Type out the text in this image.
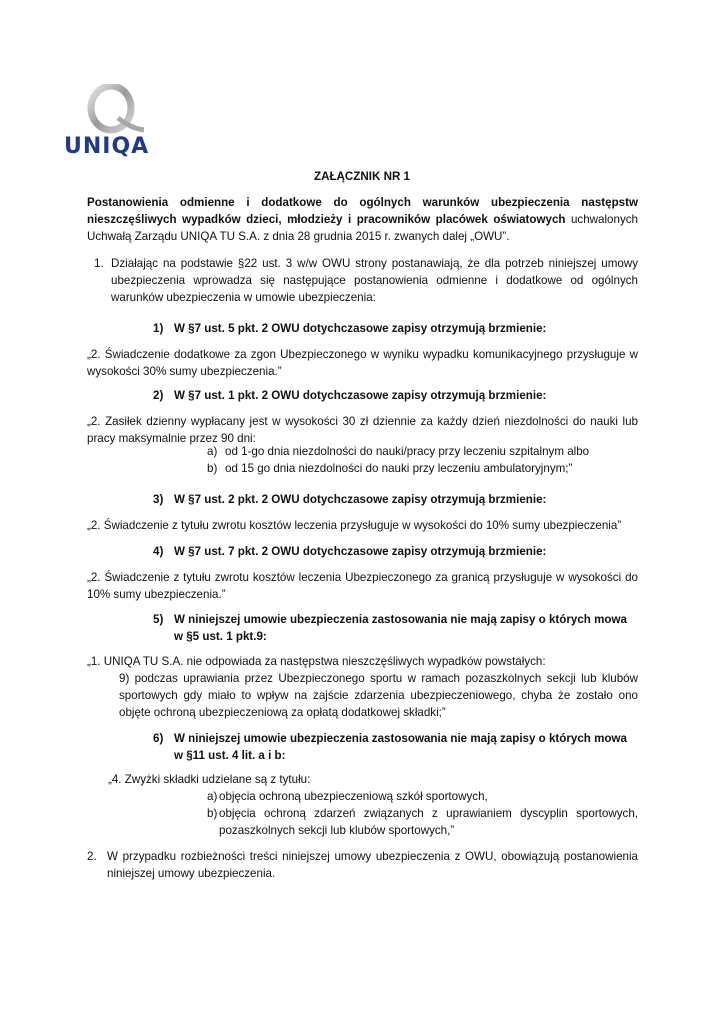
UNIQA
ZAŁĄCZNIK NR 1
Postanowienia odmienne i dodatkowe do ogólnych warunków ubezpieczenia następstw nieszczęśliwych wypadków dzieci, młodzieży i pracowników placówek oświatowych uchwalonych Uchwałą Zarządu UNIQA TU S.A. z dnia 28 grudnia 2015 r. zwanych dalej „OWU”.
1. Działając na podstawie §22 ust. 3 w/w OWU strony postanawiają, że dla potrzeb niniejszej umowy ubezpieczenia wprowadza się następujące postanowienia odmienne i dodatkowe od ogólnych warunków ubezpieczenia w umowie ubezpieczenia:
1) W §7 ust. 5 pkt. 2 OWU dotychczasowe zapisy otrzymują brzmienie:
„2. Świadczenie dodatkowe za zgon Ubezpieczonego w wyniku wypadku komunikacyjnego przysługuje w wysokości 30% sumy ubezpieczenia.”
2) W §7 ust. 1 pkt. 2 OWU dotychczasowe zapisy otrzymują brzmienie:
„2. Zasiłek dzienny wypłacany jest w wysokości 30 zł dziennie za każdy dzień niezdolności do nauki lub pracy maksymalnie przez 90 dni:
a) od 1-go dnia niezdolności do nauki/pracy przy leczeniu szpitalnym albo
b) od 15 go dnia niezdolności do nauki przy leczeniu ambulatoryjnym;”
3) W §7 ust. 2 pkt. 2 OWU dotychczasowe zapisy otrzymują brzmienie:
„2. Świadczenie z tytułu zwrotu kosztów leczenia przysługuje w wysokości do 10% sumy ubezpieczenia”
4) W §7 ust. 7 pkt. 2 OWU dotychczasowe zapisy otrzymują brzmienie:
„2. Świadczenie z tytułu zwrotu kosztów leczenia Ubezpieczonego za granicą przysługuje w wysokości do 10% sumy ubezpieczenia.”
5) W niniejszej umowie ubezpieczenia zastosowania nie mają zapisy o których mowa w §5 ust. 1 pkt.9:
„1. UNIQA TU S.A. nie odpowiada za następstwa nieszczęśliwych wypadków powstałych:
9) podczas uprawiania przez Ubezpieczonego sportu w ramach pozaszkolnych sekcji lub klubów sportowych gdy miało to wpływ na zajście zdarzenia ubezpieczeniowego, chyba że zostało ono objęte ochroną ubezpieczeniową za opłatą dodatkowej składki;”
6) W niniejszej umowie ubezpieczenia zastosowania nie mają zapisy o których mowa w §11 ust. 4 lit. a i b:
„4. Zwyżki składki udzielane są z tytułu:
a) objęcia ochroną ubezpieczeniową szkół sportowych,
b) objęcia ochroną zdarzeń związanych z uprawianiem dyscyplin sportowych, pozaszkolnych sekcji lub klubów sportowych,”
2. W przypadku rozbieżności treści niniejszej umowy ubezpieczenia z OWU, obowiązują postanowienia niniejszej umowy ubezpieczenia.
